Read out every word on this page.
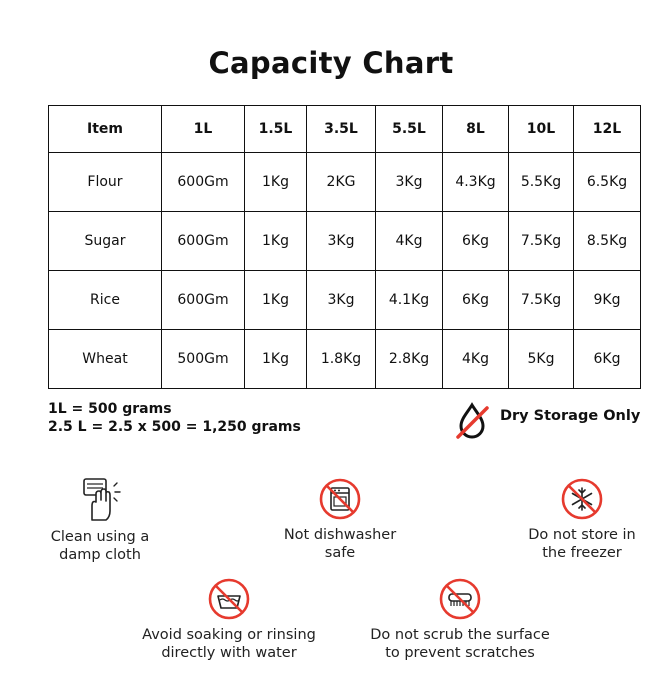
Capacity Chart
Item	1L	1.5L	3.5L	5.5L	8L	10L	12L
Flour	600Gm	1Kg	2KG	3Kg	4.3Kg	5.5Kg	6.5Kg
Sugar	600Gm	1Kg	3Kg	4Kg	6Kg	7.5Kg	8.5Kg
Rice	600Gm	1Kg	3Kg	4.1Kg	6Kg	7.5Kg	9Kg
Wheat	500Gm	1Kg	1.8Kg	2.8Kg	4Kg	5Kg	6Kg
1L = 500 grams
2.5 L = 2.5 x 500 = 1,250 grams
Dry Storage Only
Clean using a
damp cloth
Not dishwasher
safe
Do not store in
the freezer
Avoid soaking or rinsing
directly with water
Do not scrub the surface
to prevent scratches
